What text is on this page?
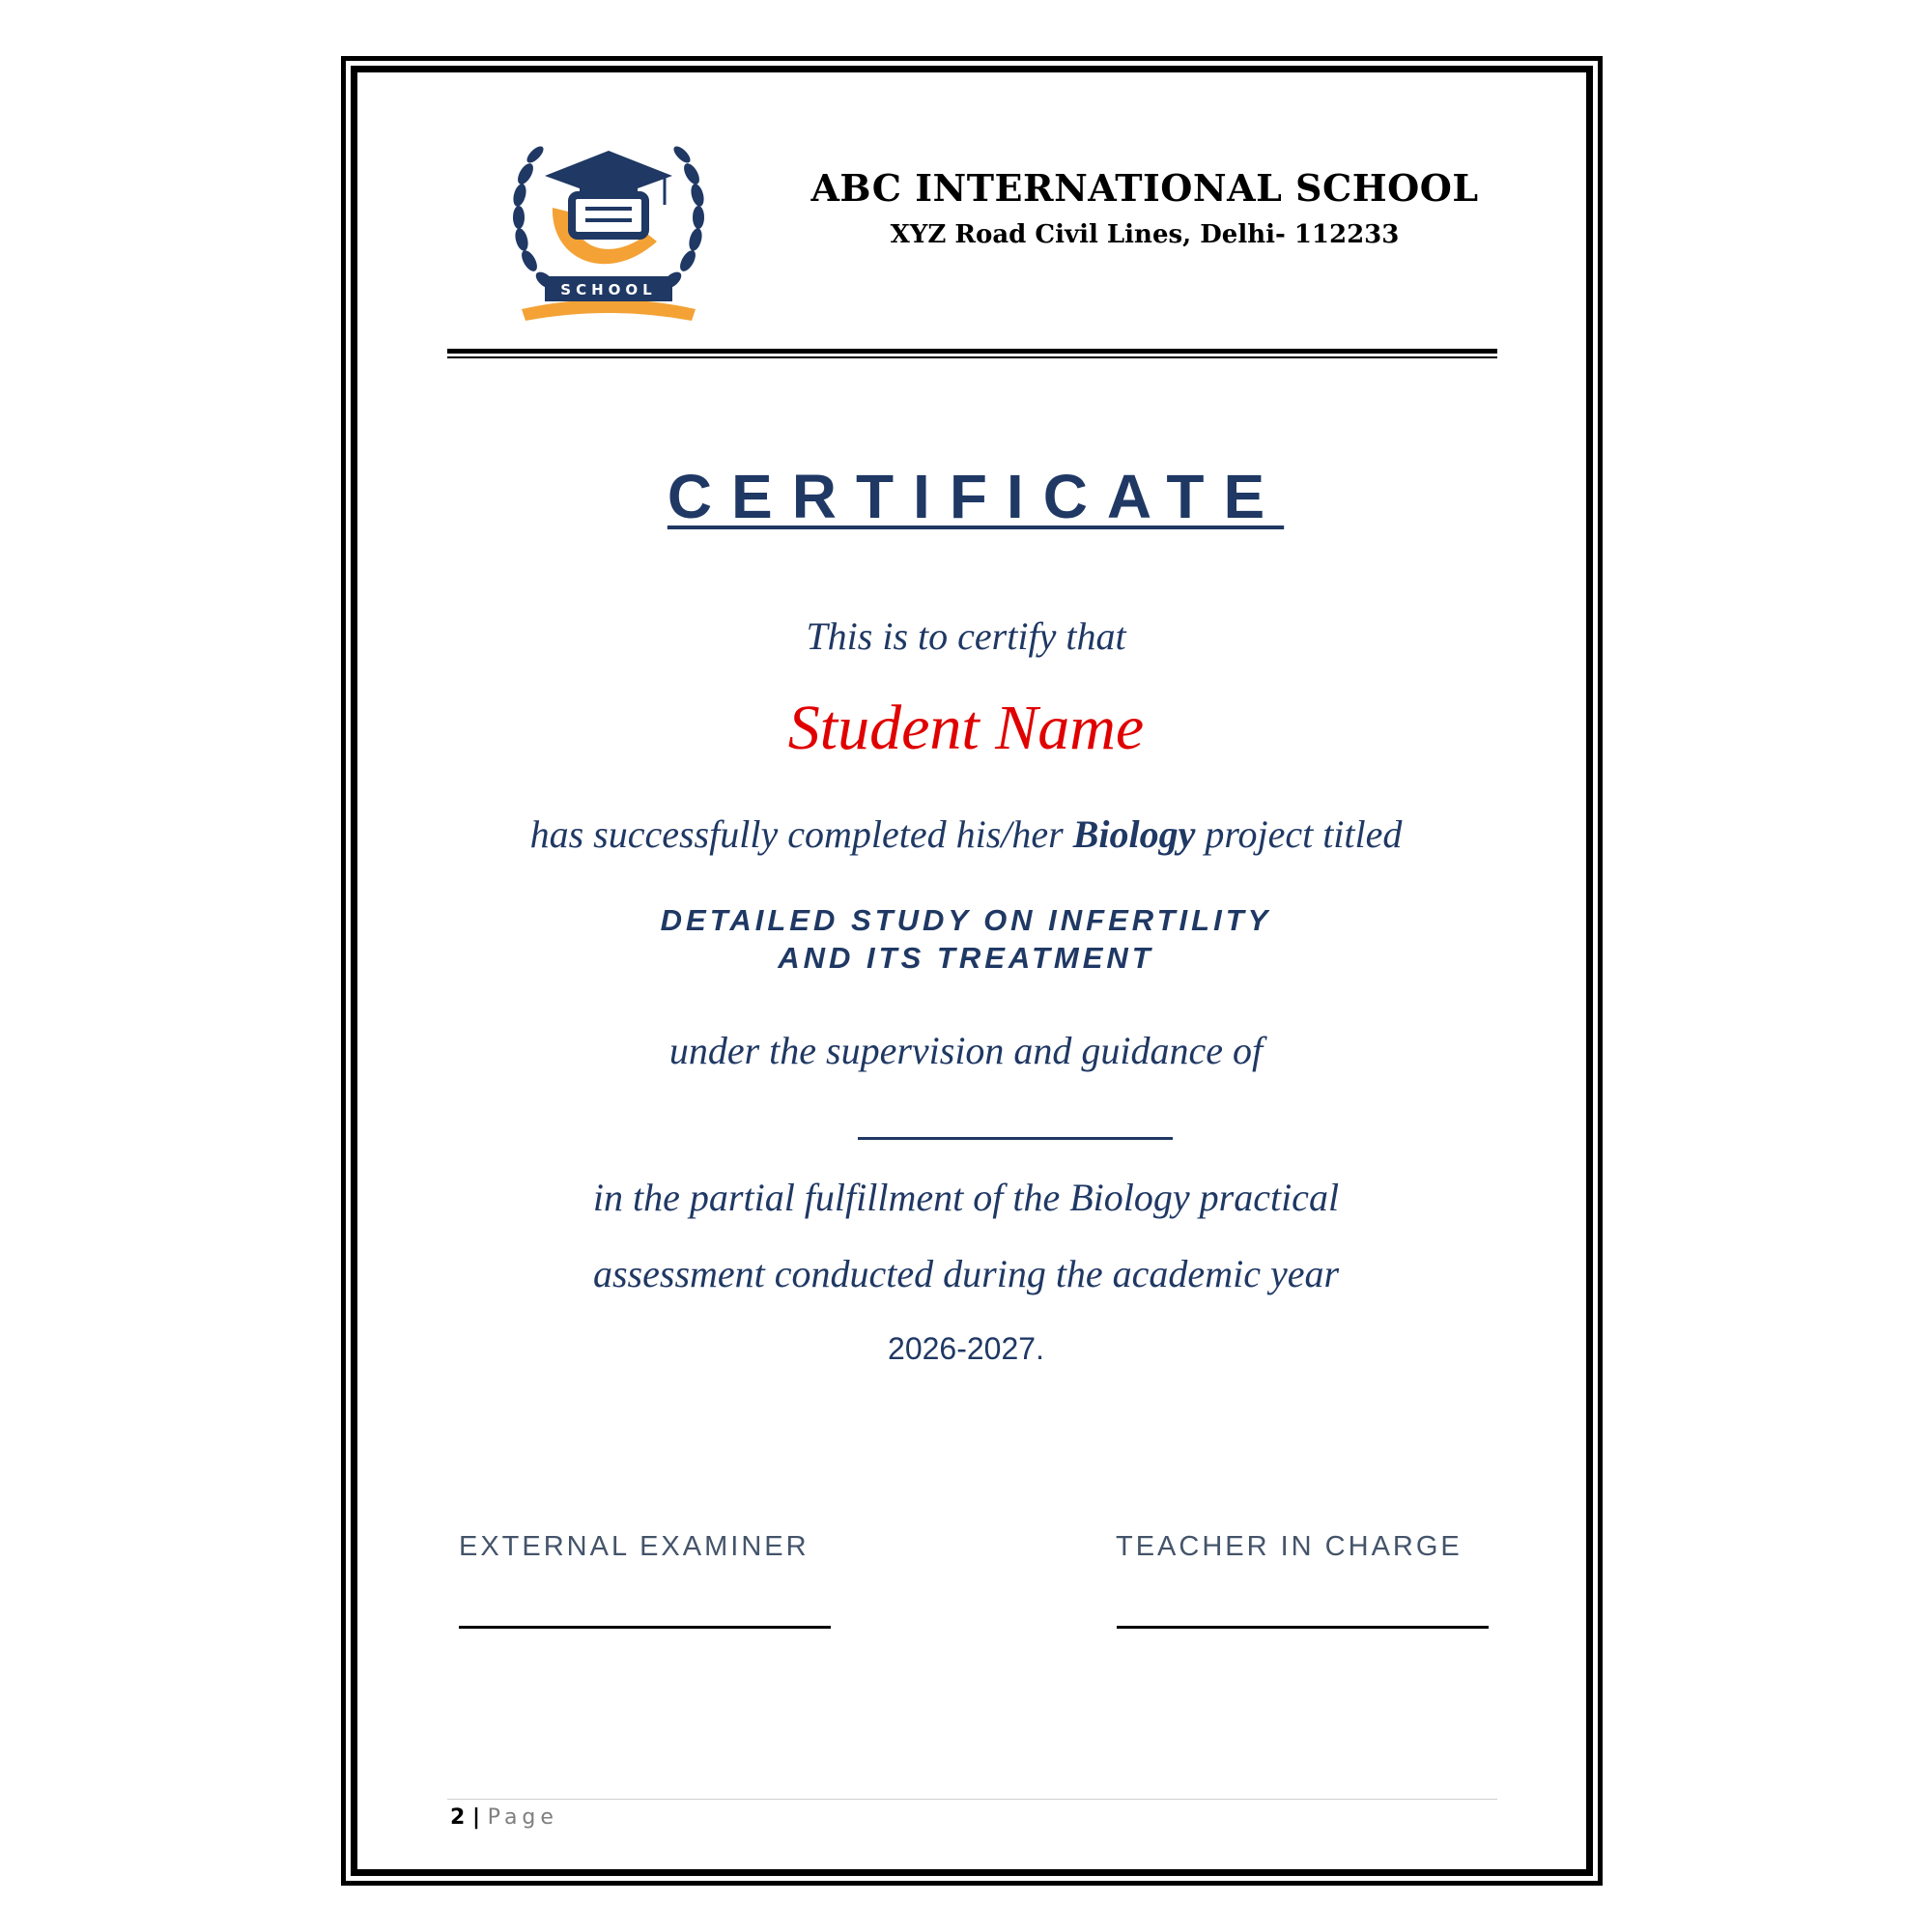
SCHOOL
ABC INTERNATIONAL SCHOOL
XYZ Road Civil Lines, Delhi- 112233
CERTIFICATE
This is to certify that
Student Name
has successfully completed his/her Biology project titled
DETAILED STUDY ON INFERTILITY
AND ITS TREATMENT
under the supervision and guidance of
in the partial fulfillment of the Biology practical
assessment conducted during the academic year
2026-2027.
EXTERNAL EXAMINER	TEACHER IN CHARGE
2 | Page
